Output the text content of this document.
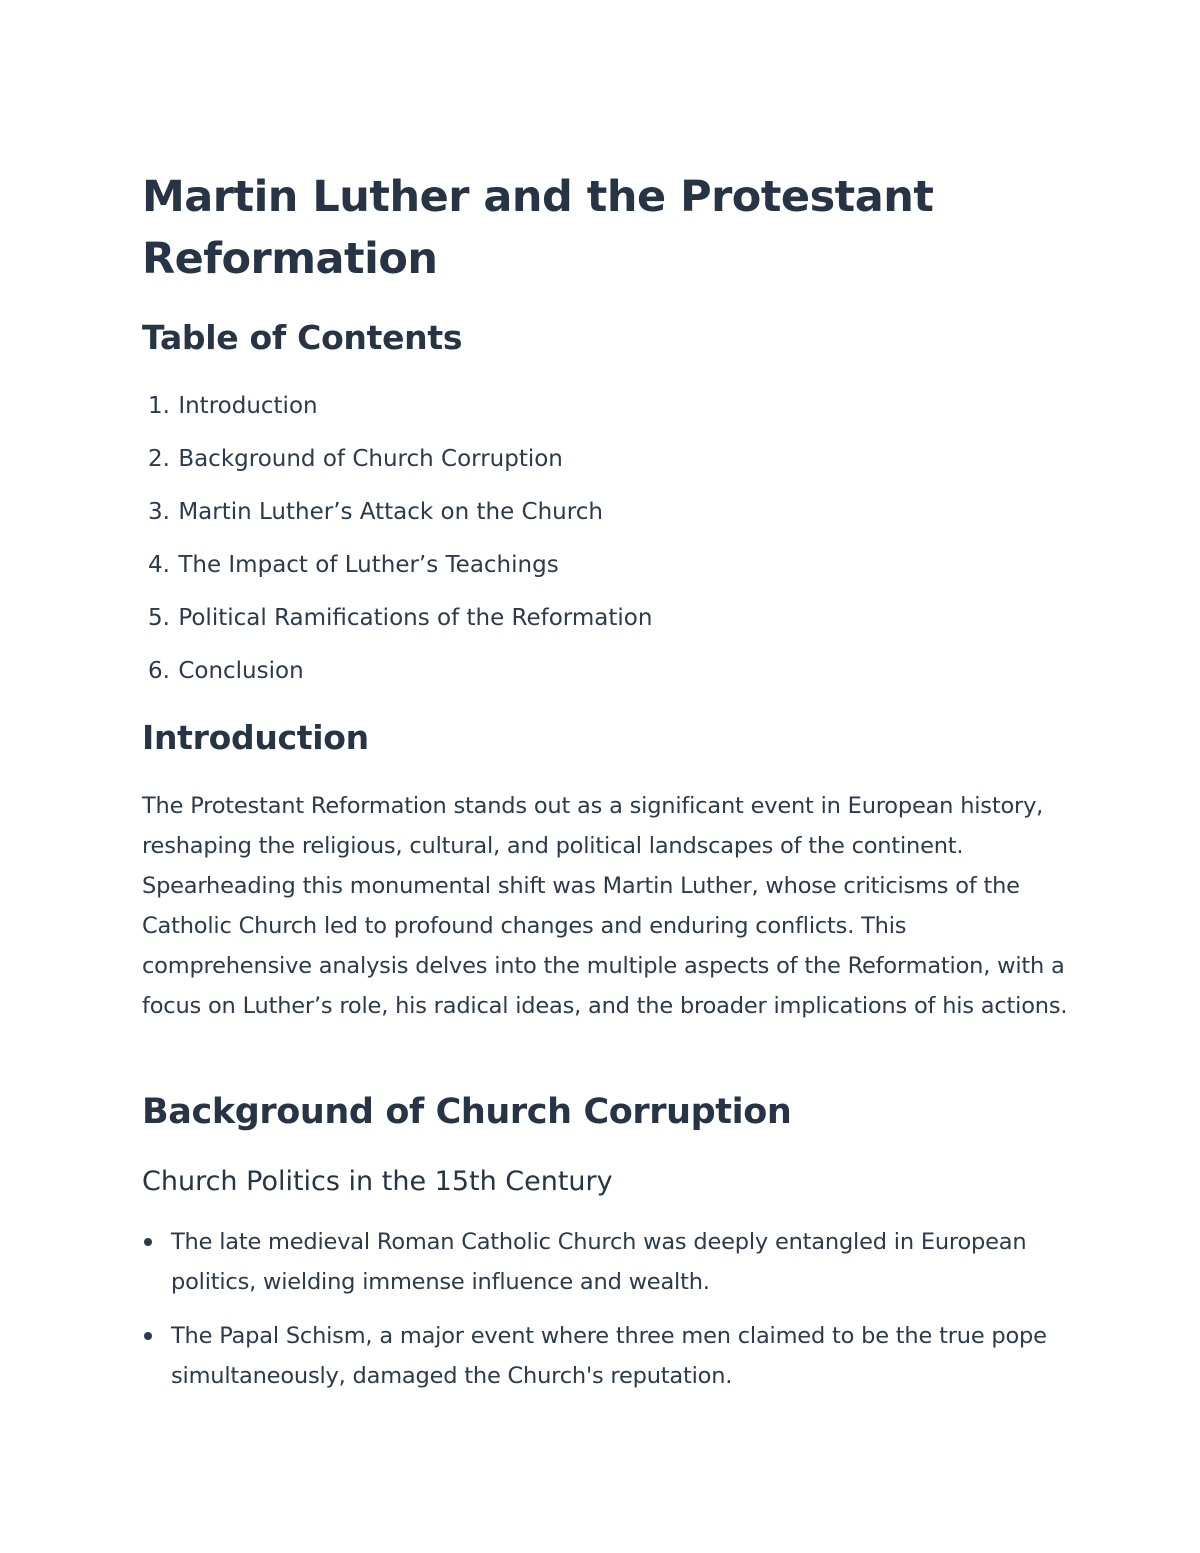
Martin Luther and the Protestant Reformation
Table of Contents
1. Introduction
2. Background of Church Corruption
3. Martin Luther’s Attack on the Church
4. The Impact of Luther’s Teachings
5. Political Ramifications of the Reformation
6. Conclusion
Introduction

The Protestant Reformation stands out as a significant event in European history, reshaping the religious, cultural, and political landscapes of the continent. Spearheading this monumental shift was Martin Luther, whose criticisms of the Catholic Church led to profound changes and enduring conflicts. This comprehensive analysis delves into the multiple aspects of the Reformation, with a focus on Luther’s role, his radical ideas, and the broader implications of his actions.

Background of Church Corruption
Church Politics in the 15th Century
The late medieval Roman Catholic Church was deeply entangled in European politics, wielding immense influence and wealth.
The Papal Schism, a major event where three men claimed to be the true pope simultaneously, damaged the Church's reputation.
